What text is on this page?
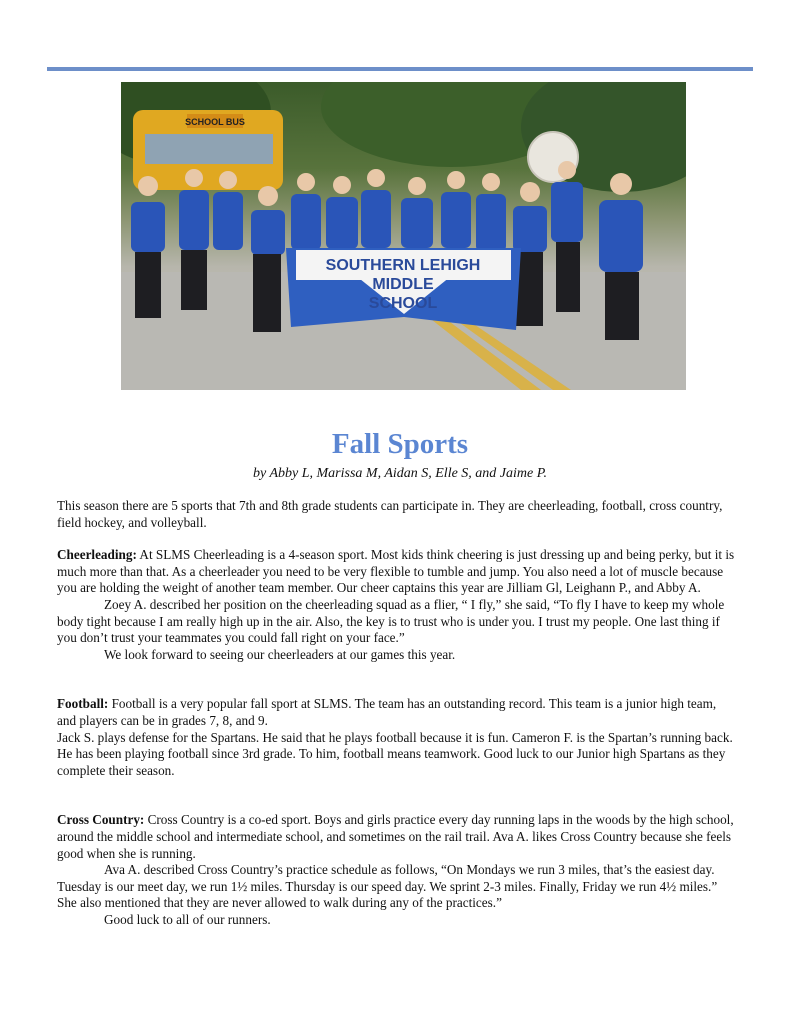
SCHOOL BUS
SOUTHERN LEHIGH
MIDDLE
SCHOOL
Fall Sports
by Abby L, Marissa M, Aidan S, Elle S, and Jaime P.

This season there are 5 sports that 7th and 8th grade students can participate in. They are cheerleading, football, cross country, field hockey, and volleyball.

Cheerleading: At SLMS Cheerleading is a 4-season sport. Most kids think cheering is just dressing up and being perky, but it is much more than that. As a cheerleader you need to be very flexible to tumble and jump. You also need a lot of muscle because you are holding the weight of another team member. Our cheer captains this year are Jilliam Gl, Leighann P., and Abby A.

Zoey A. described her position on the cheerleading squad as a flier, “ I fly,” she said, “To fly I have to keep my whole body tight because I am really high up in the air. Also, the key is to trust who is under you. I trust my people. One last thing if you don’t trust your teammates you could fall right on your face.”

We look forward to seeing our cheerleaders at our games this year.

Football: Football is a very popular fall sport at SLMS. The team has an outstanding record. This team is a junior high team, and players can be in grades 7, 8, and 9.

Jack S. plays defense for the Spartans. He said that he plays football because it is fun. Cameron F. is the Spartan’s running back. He has been playing football since 3rd grade. To him, football means teamwork. Good luck to our Junior high Spartans as they complete their season.

Cross Country: Cross Country is a co-ed sport. Boys and girls practice every day running laps in the woods by the high school, around the middle school and intermediate school, and sometimes on the rail trail. Ava A. likes Cross Country because she feels good when she is running.

Ava A. described Cross Country’s practice schedule as follows, “On Mondays we run 3 miles, that’s the easiest day. Tuesday is our meet day, we run 1½ miles. Thursday is our speed day. We sprint 2-3 miles. Finally, Friday we run 4½ miles.” She also mentioned that they are never allowed to walk during any of the practices.”

Good luck to all of our runners.
